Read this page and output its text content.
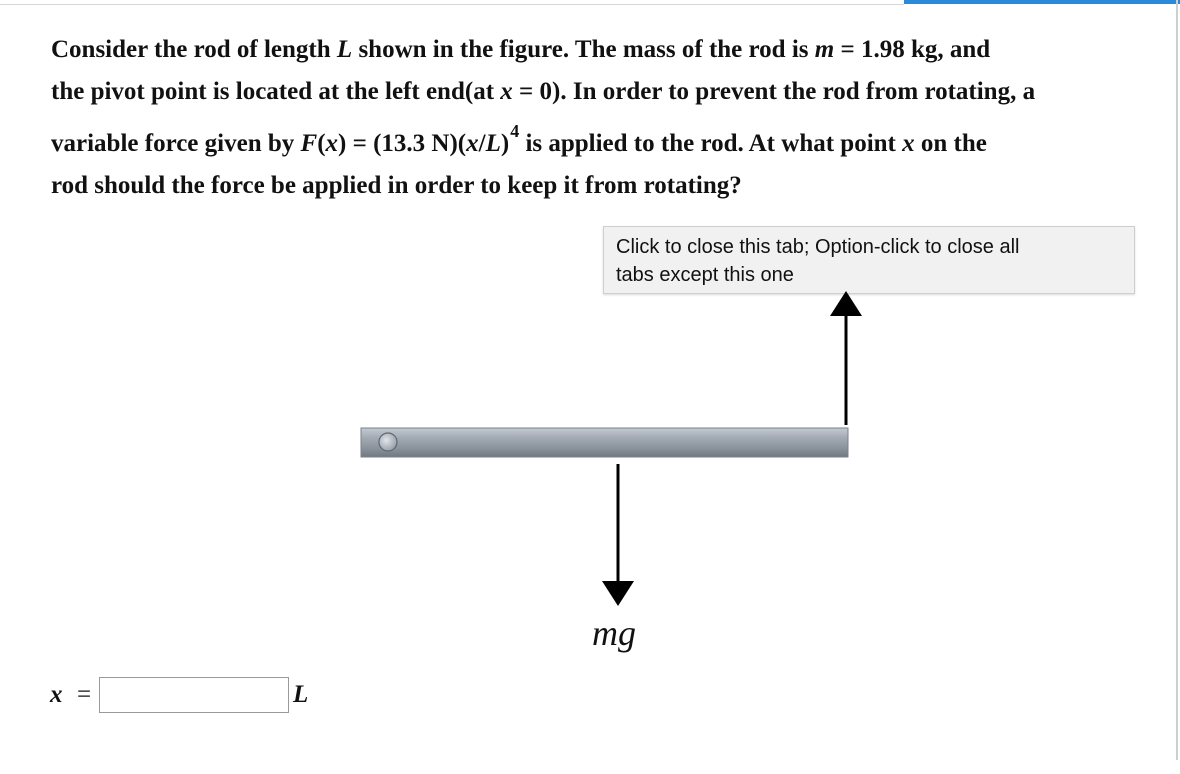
Consider the rod of length L shown in the figure. The mass of the rod is m = 1.98 kg, and
the pivot point is located at the left end(at x = 0). In order to prevent the rod from rotating, a
variable force given by F(x) = (13.3 $N)(x/L)^4$ is applied to the rod. At what point x on the
rod should the force be applied in order to keep it from rotating?
Click to close this tab; Option-click to close all
tabs except this one
mg
x =	L
